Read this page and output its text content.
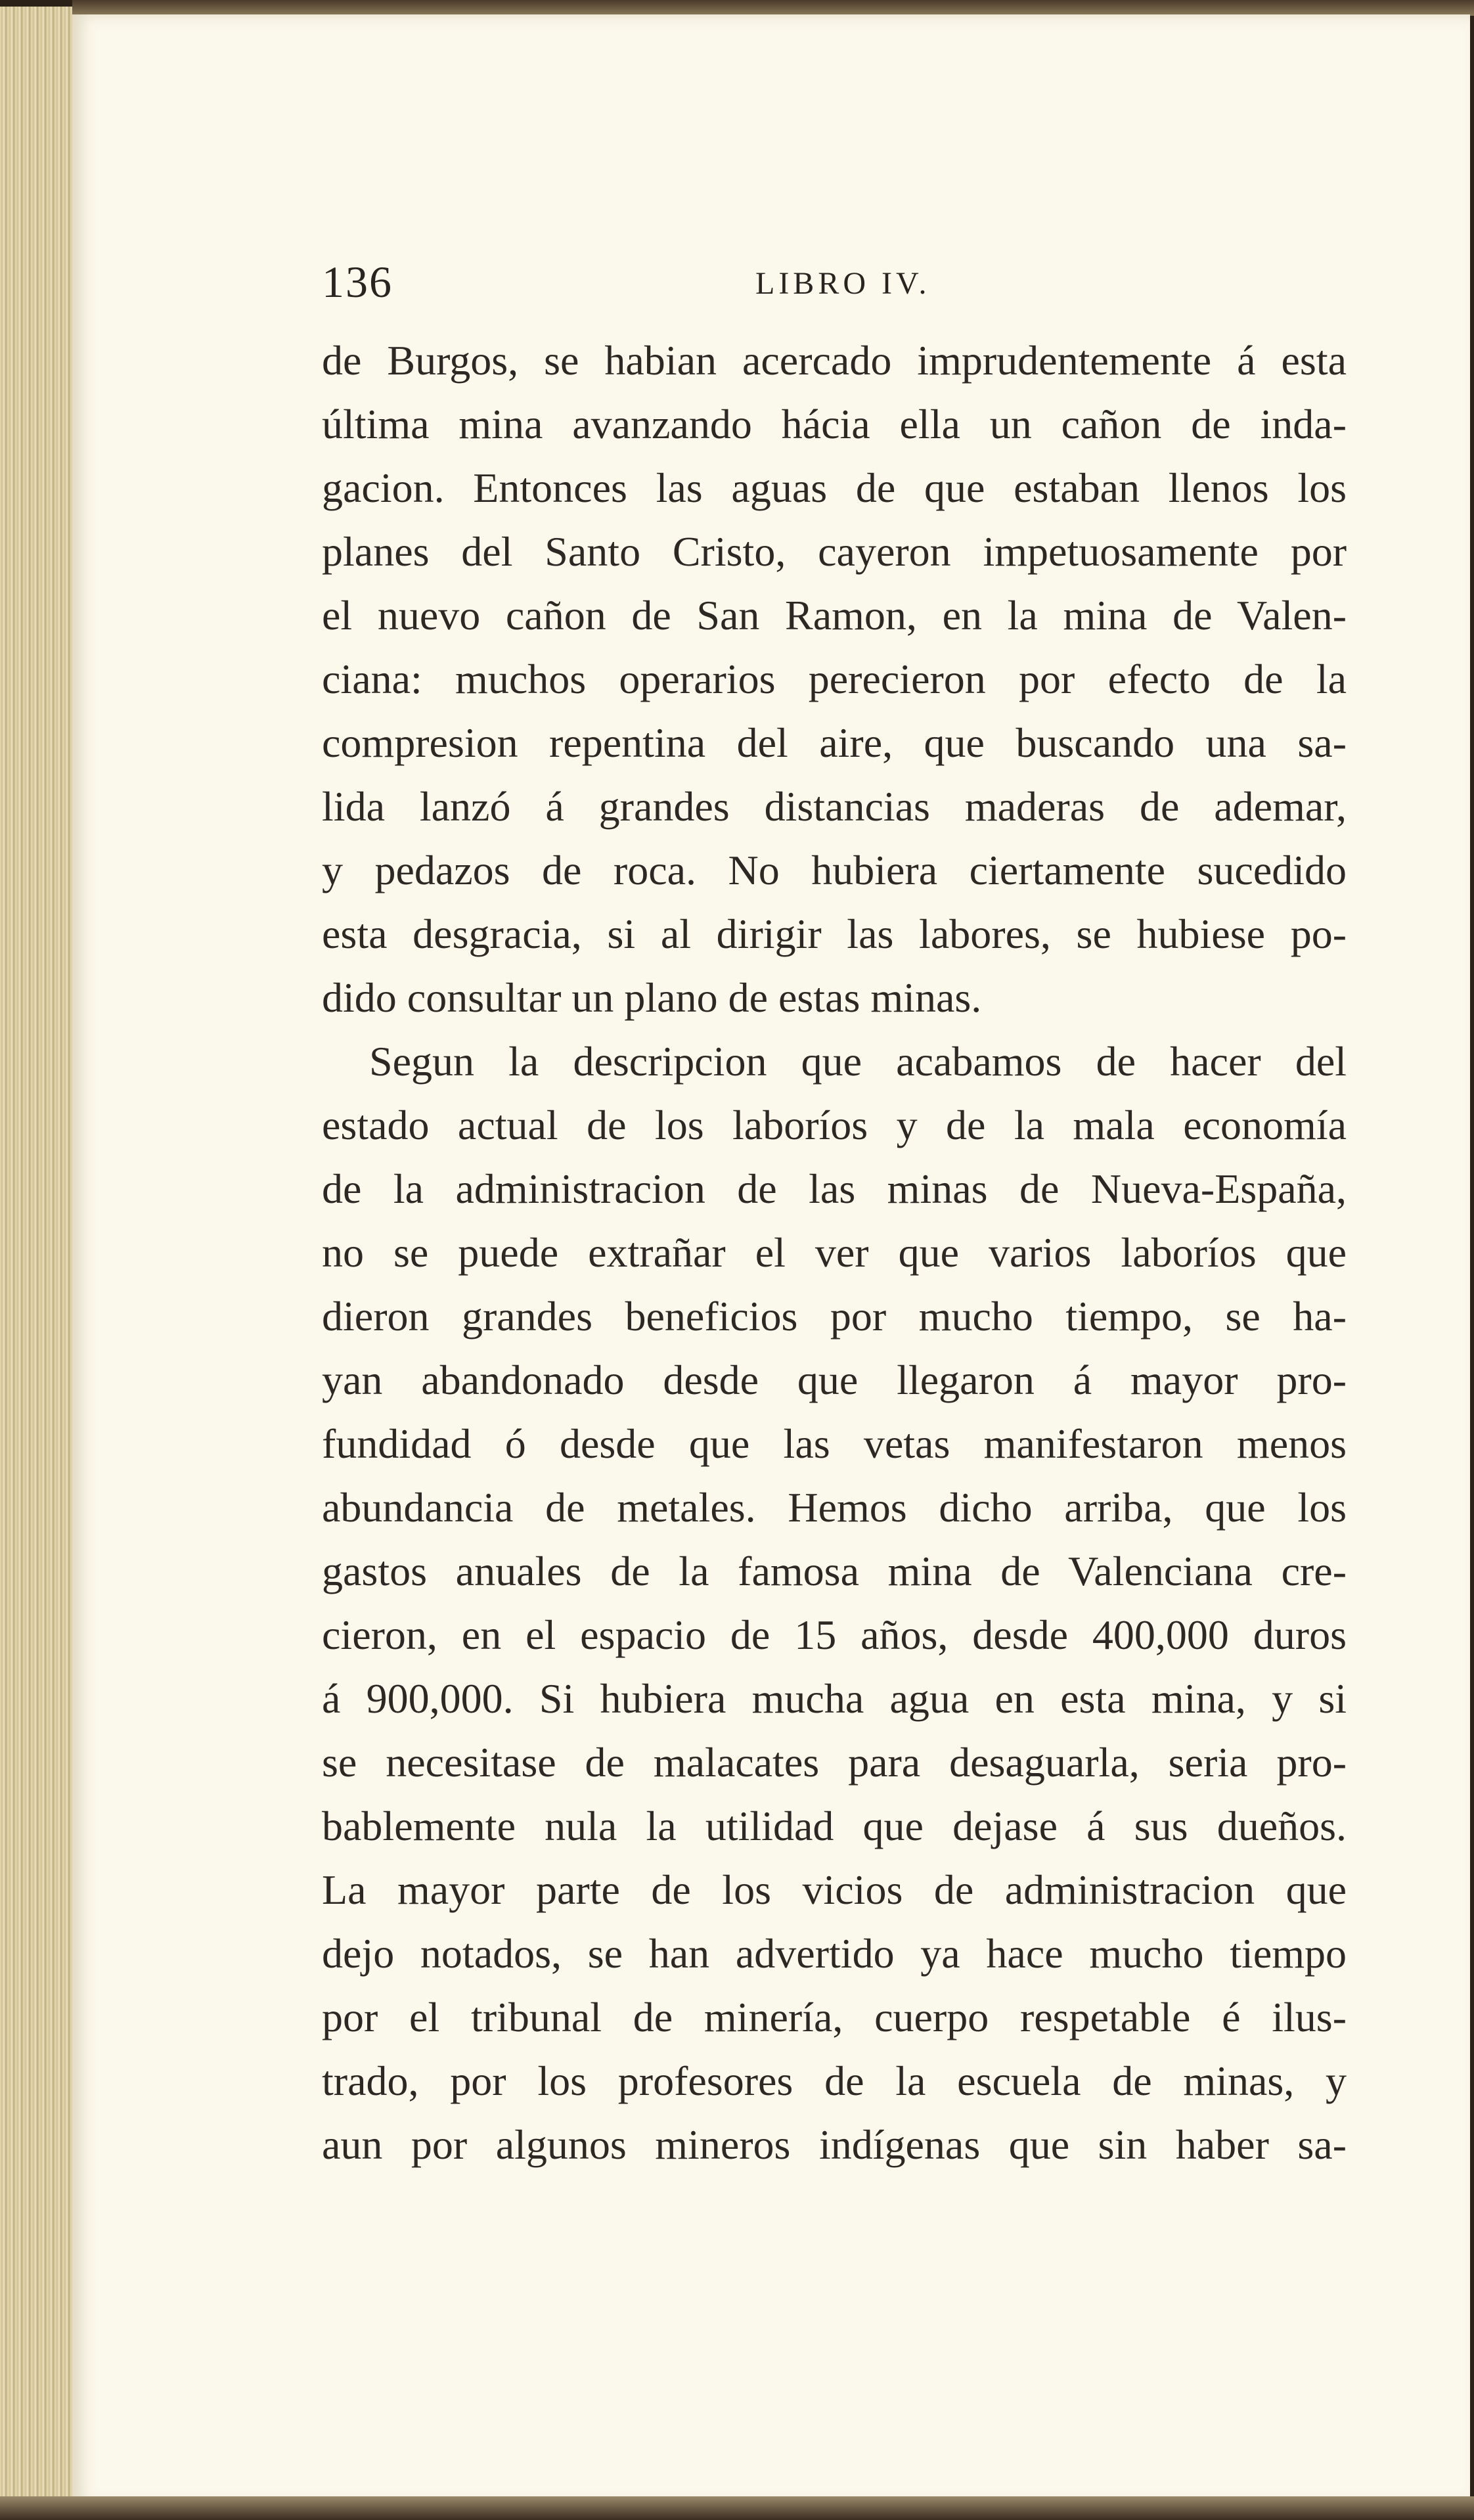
136	LIBRO IV.
de Burgos, se habian acercado imprudentemente á esta
última mina avanzando hácia ella un cañon de inda-
gacion. Entonces las aguas de que estaban llenos los
planes del Santo Cristo, cayeron impetuosamente por
el nuevo cañon de San Ramon, en la mina de Valen-
ciana: muchos operarios perecieron por efecto de la
compresion repentina del aire, que buscando una sa-
lida lanzó á grandes distancias maderas de ademar,
y pedazos de roca. No hubiera ciertamente sucedido
esta desgracia, si al dirigir las labores, se hubiese po-
dido consultar un plano de estas minas.
Segun la descripcion que acabamos de hacer del
estado actual de los laboríos y de la mala economía
de la administracion de las minas de Nueva-España,
no se puede extrañar el ver que varios laboríos que
dieron grandes beneficios por mucho tiempo, se ha-
yan abandonado desde que llegaron á mayor pro-
fundidad ó desde que las vetas manifestaron menos
abundancia de metales. Hemos dicho arriba, que los
gastos anuales de la famosa mina de Valenciana cre-
cieron, en el espacio de 15 años, desde 400,000 duros
á 900,000. Si hubiera mucha agua en esta mina, y si
se necesitase de malacates para desaguarla, seria pro-
bablemente nula la utilidad que dejase á sus dueños.
La mayor parte de los vicios de administracion que
dejo notados, se han advertido ya hace mucho tiempo
por el tribunal de minería, cuerpo respetable é ilus-
trado, por los profesores de la escuela de minas, y
aun por algunos mineros indígenas que sin haber sa-
